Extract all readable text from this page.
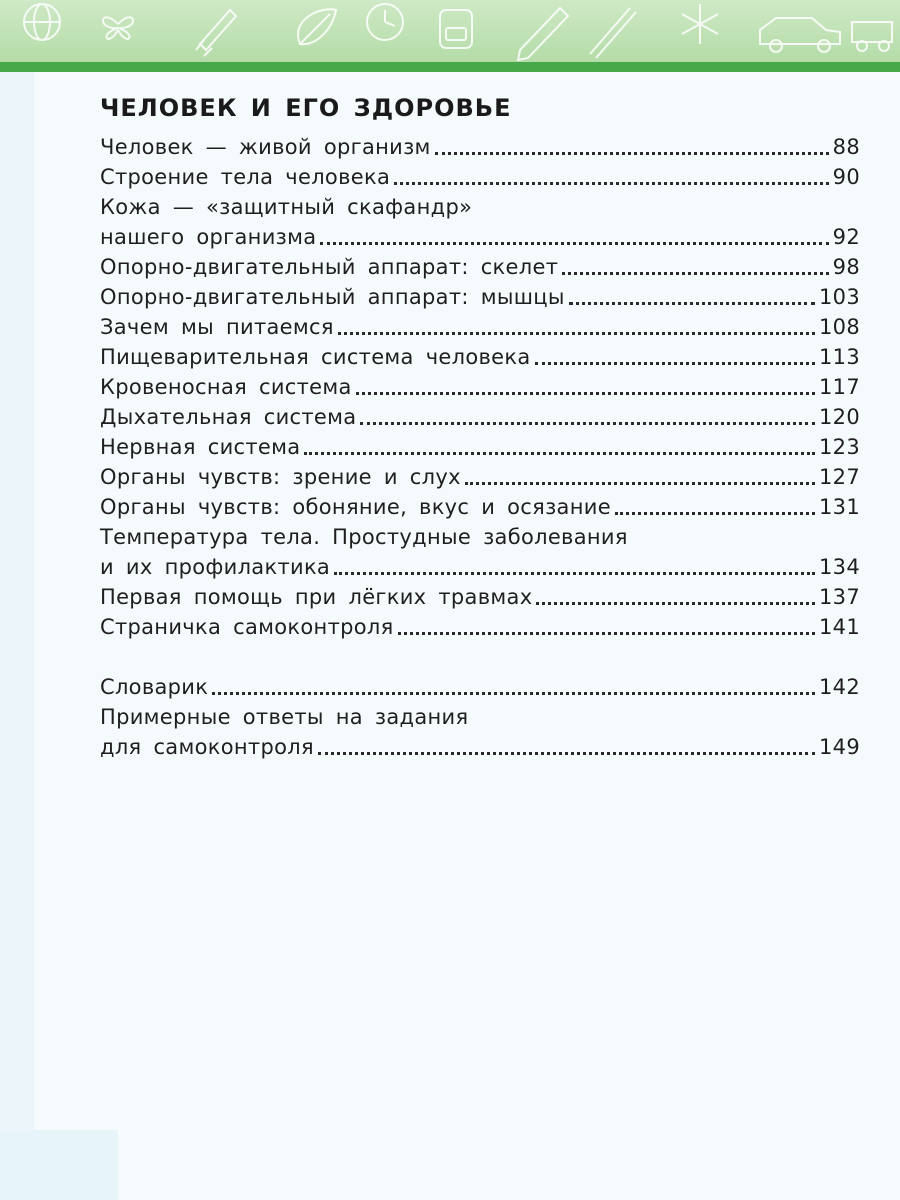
ЧЕЛОВЕК И ЕГО ЗДОРОВЬЕ
Человек — живой организм	88
Строение тела человека	90
Кожа — «защитный скафандр»
нашего организма	92
Опорно-двигательный аппарат: скелет	98
Опорно-двигательный аппарат: мышцы	103
Зачем мы питаемся	108
Пищеварительная система человека	113
Кровеносная система	117
Дыхательная система	120
Нервная система	123
Органы чувств: зрение и слух	127
Органы чувств: обоняние, вкус и осязание	131
Температура тела. Простудные заболевания
и их профилактика	134
Первая помощь при лёгких травмах	137
Страничка самоконтроля	141
Словарик	142
Примерные ответы на задания
для самоконтроля	149
